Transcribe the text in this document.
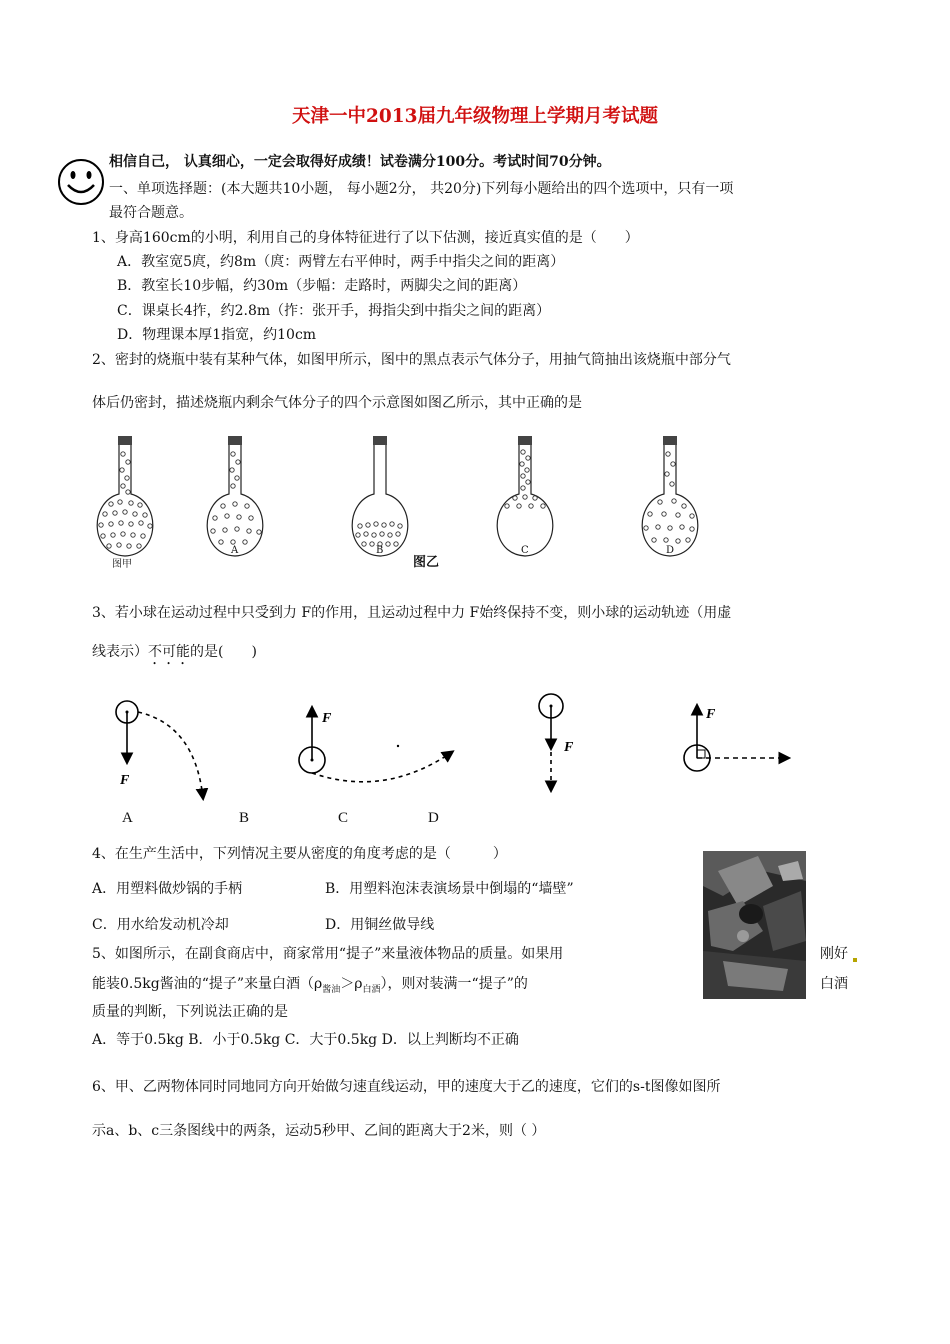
天津一中2013届九年级物理上学期月考试题
相信自己， 认真细心，一定会取得好成绩！试卷满分100分。考试时间70分钟。
一、单项选择题：(本大题共10小题， 每小题2分， 共20分)下列每小题给出的四个选项中，只有一项
最符合题意。
1、身高160cm的小明，利用自己的身体特征进行了以下估测，接近真实值的是（　　）
A．教室宽5庹，约8m（庹：两臂左右平伸时，两手中指尖之间的距离）
B．教室长10步幅，约30m（步幅：走路时，两脚尖之间的距离）
C．课桌长4拃，约2.8m（拃：张开手，拇指尖到中指尖之间的距离）
D．物理课本厚1指宽，约10cm
2、密封的烧瓶中装有某种气体，如图甲所示，图中的黑点表示气体分子，用抽气筒抽出该烧瓶中部分气
体后仍密封，描述烧瓶内剩余气体分子的四个示意图如图乙所示，其中正确的是
图甲
A	B	C	D
图乙
3、若小球在运动过程中只受到力 F的作用，且运动过程中力 F始终保持不变，则小球的运动轨迹（用虚
线表示）不可能的是(　　)
F
F
F
F
A	B	C	D
4、在生产生活中，下列情况主要从密度的角度考虑的是（　　　）
A．用塑料做炒锅的手柄	B．用塑料泡沫表演场景中倒塌的“墙壁”
C．用水给发动机冷却	D．用铜丝做导线
5、如图所示，在副食商店中，商家常用“提子”来量液体物品的质量。如果用	刚好
能装0.5kg酱油的“提子”来量白酒$(\rho_{酱油}>\rho_{白酒})$，则对装满一“提子”的	白酒
质量的判断，下列说法正确的是
A．等于0.5kg B．小于0.5kg C．大于0.5kg D．以上判断均不正确
6、甲、乙两物体同时同地同方向开始做匀速直线运动，甲的速度大于乙的速度，它们的s-t图像如图所
示a、b、c三条图线中的两条，运动5秒甲、乙间的距离大于2米，则（ ）
